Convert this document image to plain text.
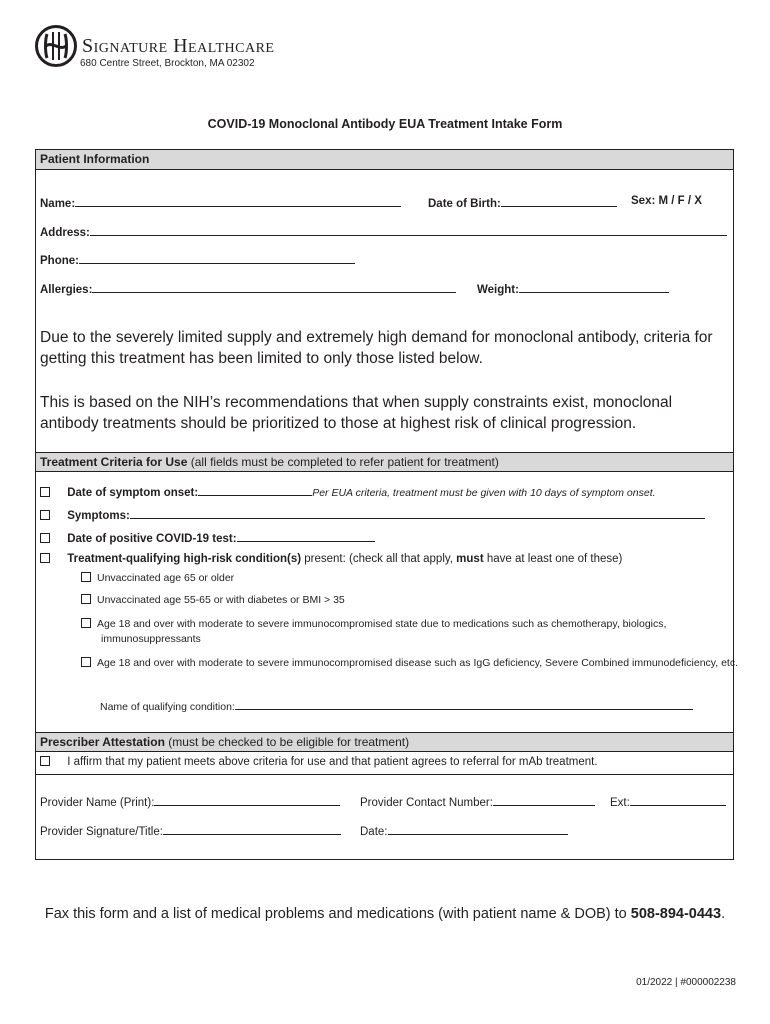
Signature Healthcare
680 Centre Street, Brockton, MA 02302
COVID-19 Monoclonal Antibody EUA Treatment Intake Form
Patient Information
Name:	Date of Birth:	Sex: M / F / X
Address:
Phone:
Allergies:	Weight:
Due to the severely limited supply and extremely high demand for monoclonal antibody, criteria for getting this treatment has been limited to only those listed below.
This is based on the NIH’s recommendations that when supply constraints exist, monoclonal antibody treatments should be prioritized to those at highest risk of clinical progression.
Treatment Criteria for Use (all fields must be completed to refer patient for treatment)
Date of symptom onset:	Per EUA criteria, treatment must be given with 10 days of symptom onset.
Symptoms:
Date of positive COVID-19 test:
Treatment-qualifying high-risk condition(s) present: (check all that apply, must have at least one of these)
Unvaccinated age 65 or older
Unvaccinated age 55-65 or with diabetes or BMI > 35
Age 18 and over with moderate to severe immunocompromised state due to medications such as chemotherapy, biologics, immunosuppressants
Age 18 and over with moderate to severe immunocompromised disease such as IgG deficiency, Severe Combined immunodeficiency, etc.
Name of qualifying condition:
Prescriber Attestation (must be checked to be eligible for treatment)
I affirm that my patient meets above criteria for use and that patient agrees to referral for mAb treatment.
Provider Name (Print):	Provider Contact Number:	Ext:
Provider Signature/Title:	Date:
Fax this form and a list of medical problems and medications (with patient name & DOB) to 508-894-0443.
01/2022 | #000002238
